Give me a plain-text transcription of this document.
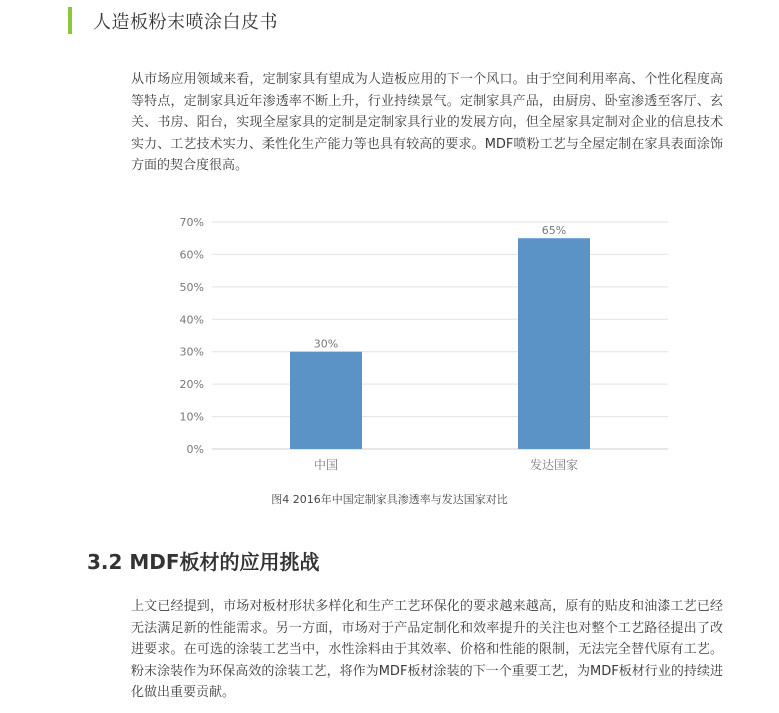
人造板粉末喷涂白皮书

从市场应用领域来看，定制家具有望成为人造板应用的下一个风口。由于空间利用率高、个性化程度高等特点，定制家具近年渗透率不断上升，行业持续景气。定制家具产品，由厨房、卧室渗透至客厅、玄关、书房、阳台，实现全屋家具的定制是定制家具行业的发展方向，但全屋家具定制对企业的信息技术实力、工艺技术实力、柔性化生产能力等也具有较高的要求。MDF喷粉工艺与全屋定制在家具表面涂饰方面的契合度很高。

0%
10%
20%
30%
40%
50%
60%
70%
30%
中国
65%
发达国家
图4 2016年中国定制家具渗透率与发达国家对比
3.2 MDF板材的应用挑战

上文已经提到，市场对板材形状多样化和生产工艺环保化的要求越来越高，原有的贴皮和油漆工艺已经无法满足新的性能需求。另一方面，市场对于产品定制化和效率提升的关注也对整个工艺路径提出了改进要求。在可选的涂装工艺当中，水性涂料由于其效率、价格和性能的限制，无法完全替代原有工艺。粉末涂装作为环保高效的涂装工艺，将作为MDF板材涂装的下一个重要工艺，为MDF板材行业的持续进化做出重要贡献。
